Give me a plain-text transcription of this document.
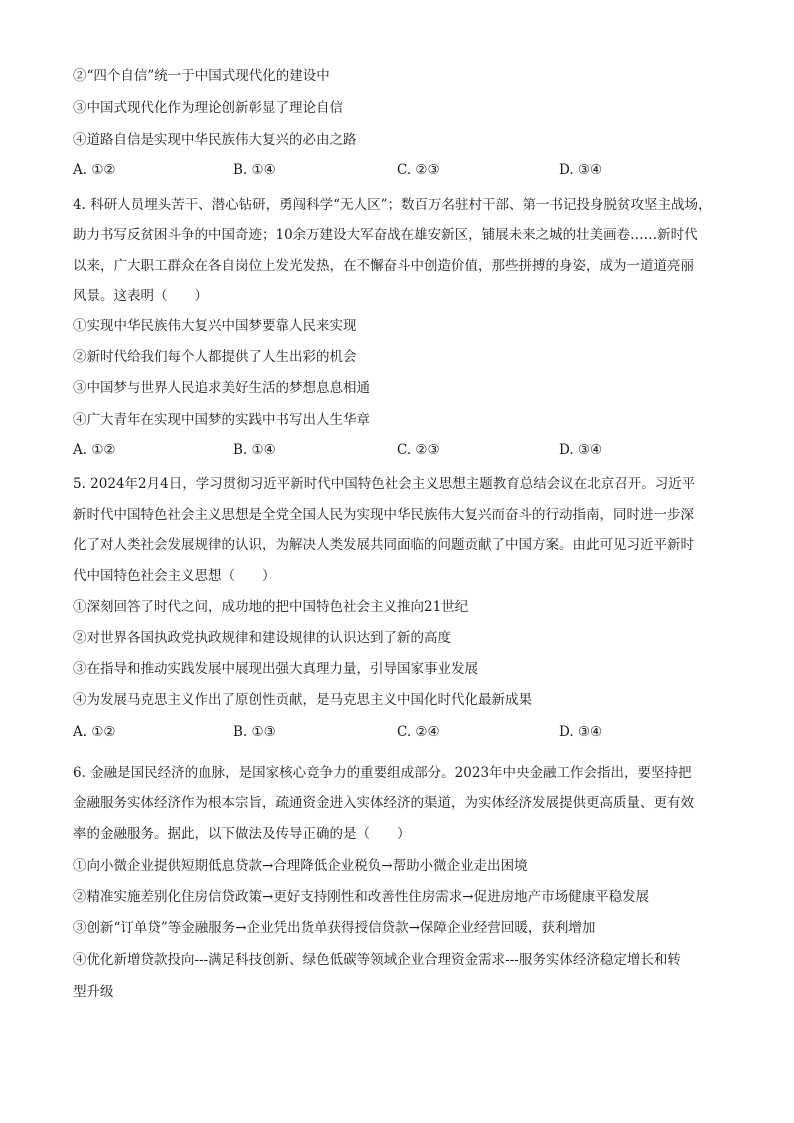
②“四个自信”统一于中国式现代化的建设中
③中国式现代化作为理论创新彰显了理论自信
④道路自信是实现中华民族伟大复兴的必由之路
A. ①②	B. ①④	C. ②③	D. ③④
4. 科研人员埋头苦干、潜心钻研，勇闯科学“无人区”；数百万名驻村干部、第一书记投身脱贫攻坚主战场，
助力书写反贫困斗争的中国奇迹；10余万建设大军奋战在雄安新区，铺展未来之城的壮美画卷……新时代
以来，广大职工群众在各自岗位上发光发热，在不懈奋斗中创造价值，那些拼搏的身姿，成为一道道亮丽
风景。这表明（　　）
①实现中华民族伟大复兴中国梦要靠人民来实现
②新时代给我们每个人都提供了人生出彩的机会
③中国梦与世界人民追求美好生活的梦想息息相通
④广大青年在实现中国梦的实践中书写出人生华章
A. ①②	B. ①④	C. ②③	D. ③④
5. 2024年2月4日，学习贯彻习近平新时代中国特色社会主义思想主题教育总结会议在北京召开。习近平
新时代中国特色社会主义思想是全党全国人民为实现中华民族伟大复兴而奋斗的行动指南，同时进一步深
化了对人类社会发展规律的认识，为解决人类发展共同面临的问题贡献了中国方案。由此可见习近平新时
代中国特色社会主义思想（　　）
①深刻回答了时代之问，成功地的把中国特色社会主义推向21世纪
②对世界各国执政党执政规律和建设规律的认识达到了新的高度
③在指导和推动实践发展中展现出强大真理力量，引导国家事业发展
④为发展马克思主义作出了原创性贡献，是马克思主义中国化时代化最新成果
A. ①②	B. ①③	C. ②④	D. ③④
6. 金融是国民经济的血脉，是国家核心竞争力的重要组成部分。2023年中央金融工作会指出，要坚持把
金融服务实体经济作为根本宗旨，疏通资金进入实体经济的渠道，为实体经济发展提供更高质量、更有效
率的金融服务。据此，以下做法及传导正确的是（　　）
①向小微企业提供短期低息贷款→合理降低企业税负→帮助小微企业走出困境
②精准实施差别化住房信贷政策→更好支持刚性和改善性住房需求→促进房地产市场健康平稳发展
③创新“订单贷”等金融服务→企业凭出货单获得授信贷款→保障企业经营回暖，获利增加
④优化新增贷款投向---满足科技创新、绿色低碳等领域企业合理资金需求---服务实体经济稳定增长和转
型升级
